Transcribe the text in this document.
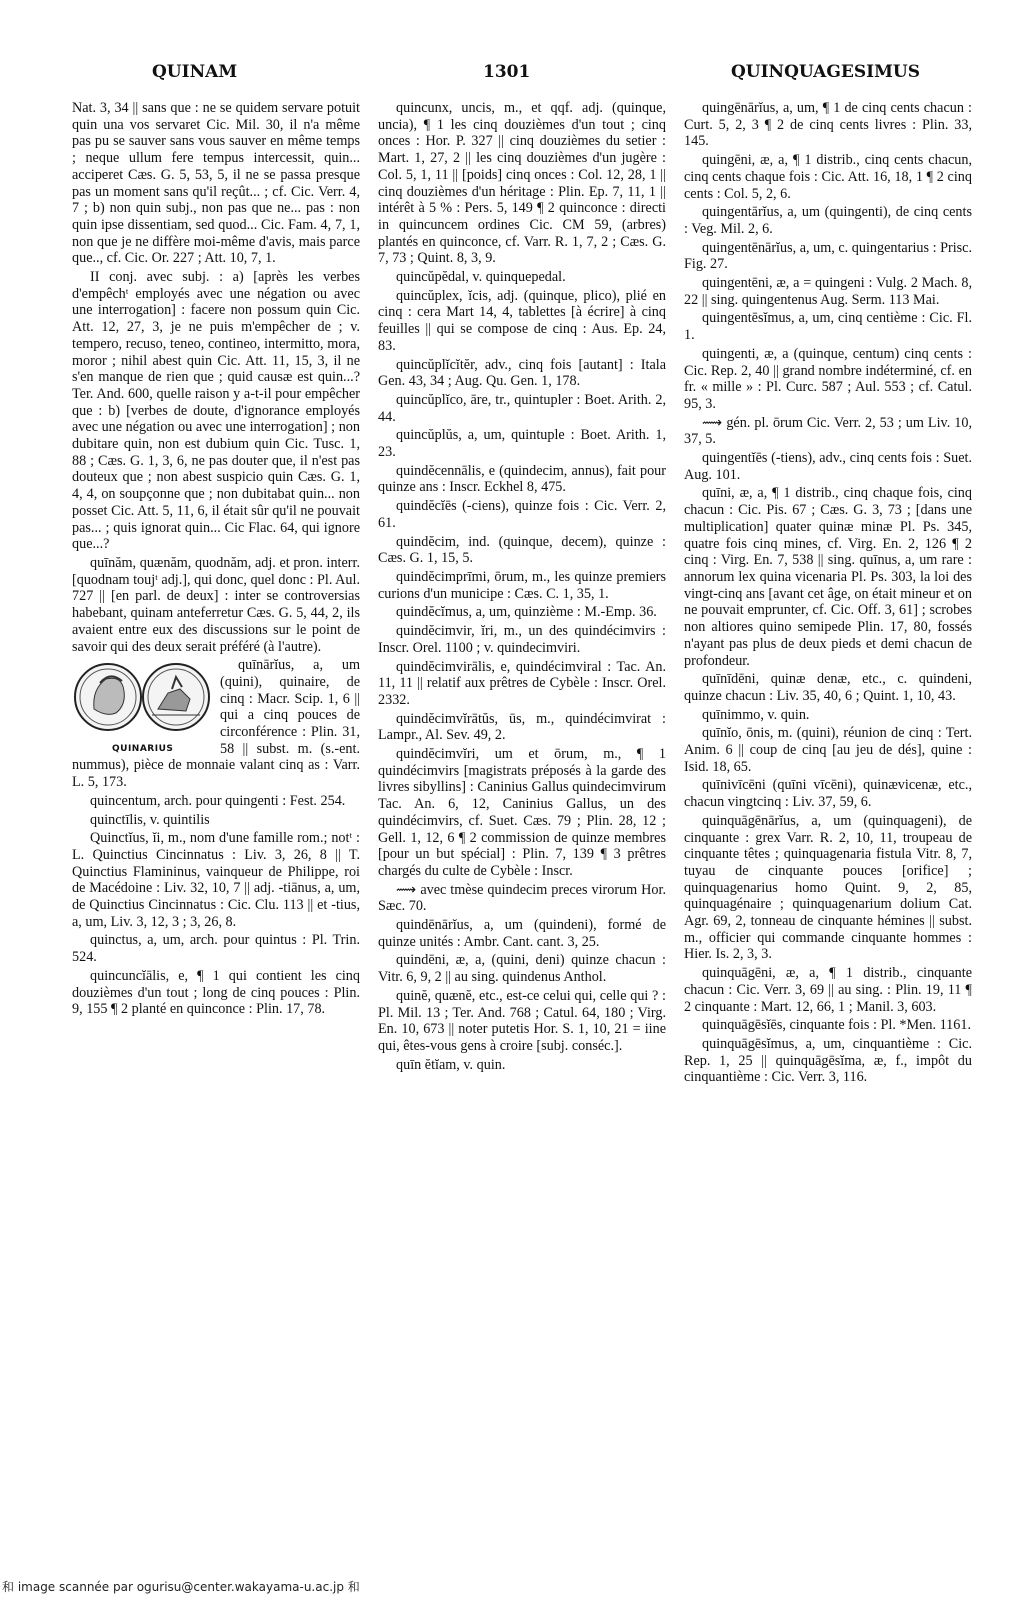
QUINAM	1301	QUINQUAGESIMUS

Nat. 3, 34 || sans que : ne se quidem servare potuit quin una vos servaret Cic. Mil. 30, il n'a même pas pu se sauver sans vous sauver en même temps ; neque ullum fere tempus intercessit, quin... acciperet Cæs. G. 5, 53, 5, il ne se passa presque pas un moment sans qu'il reçût... ; cf. Cic. Verr. 4, 7 ; b) non quin subj., non pas que ne... pas : non quin ipse dissentiam, sed quod... Cic. Fam. 4, 7, 1, non que je ne diffère moi-même d'avis, mais parce que.., cf. Cic. Or. 227 ; Att. 10, 7, 1.

II conj. avec subj. : a) [après les verbes d'empêchᵗ employés avec une négation ou avec une interrogation] : facere non possum quin Cic. Att. 12, 27, 3, je ne puis m'empêcher de ; v. tempero, recuso, teneo, contineo, intermitto, mora, moror ; nihil abest quin Cic. Att. 11, 15, 3, il ne s'en manque de rien que ; quid causæ est quin...? Ter. And. 600, quelle raison y a-t-il pour empêcher que : b) [verbes de doute, d'ignorance employés avec une négation ou avec une interrogation] ; non dubitare quin, non est dubium quin Cic. Tusc. 1, 88 ; Cæs. G. 1, 3, 6, ne pas douter que, il n'est pas douteux que ; non abest suspicio quin Cæs. G. 1, 4, 4, on soupçonne que ; non dubitabat quin... non posset Cic. Att. 5, 11, 6, il était sûr qu'il ne pouvait pas... ; quis ignorat quin... Cic Flac. 64, qui ignore que...?

quīnăm, quænăm, quodnăm, adj. et pron. interr. [quodnam toujᵗ adj.], qui donc, quel donc : Pl. Aul. 727 || [en parl. de deux] : inter se controversias habebant, quinam anteferretur Cæs. G. 5, 44, 2, ils avaient entre eux des discussions sur le point de savoir qui des deux serait préféré (à l'autre).

QUINARIUS

quīnārĭus, a, um (quini), quinaire, de cinq : Macr. Scip. 1, 6 || qui a cinq pouces de circonférence : Plin. 31, 58 || subst. m. (s.-ent. nummus), pièce de monnaie valant cinq as : Varr. L. 5, 173.

quincentum, arch. pour quingenti : Fest. 254.

quinctīlis, v. quintilis

Quinctĭus, ĭi, m., nom d'une famille rom.; notᵗ : L. Quinctius Cincinnatus : Liv. 3, 26, 8 || T. Quinctius Flamininus, vainqueur de Philippe, roi de Macédoine : Liv. 32, 10, 7 || adj. -tiānus, a, um, de Quinctius Cincinnatus : Cic. Clu. 113 || et -tius, a, um, Liv. 3, 12, 3 ; 3, 26, 8.

quinctus, a, um, arch. pour quintus : Pl. Trin. 524.

quincuncĭālis, e, ¶ 1 qui contient les cinq douzièmes d'un tout ; long de cinq pouces : Plin. 9, 155 ¶ 2 planté en quinconce : Plin. 17, 78.

quincunx, uncis, m., et qqf. adj. (quinque, uncia), ¶ 1 les cinq douzièmes d'un tout ; cinq onces : Hor. P. 327 || cinq douzièmes du setier : Mart. 1, 27, 2 || les cinq douzièmes d'un jugère : Col. 5, 1, 11 || [poids] cinq onces : Col. 12, 28, 1 || cinq douzièmes d'un héritage : Plin. Ep. 7, 11, 1 || intérêt à 5 % : Pers. 5, 149 ¶ 2 quinconce : directi in quincuncem ordines Cic. CM 59, (arbres) plantés en quinconce, cf. Varr. R. 1, 7, 2 ; Cæs. G. 7, 73 ; Quint. 8, 3, 9.

quincŭpĕdal, v. quinquepedal.

quincŭplex, ĭcis, adj. (quinque, plico), plié en cinq : cera Mart 14, 4, tablettes [à écrire] à cinq feuilles || qui se compose de cinq : Aus. Ep. 24, 83.

quincŭplĭcĭtĕr, adv., cinq fois [autant] : Itala Gen. 43, 34 ; Aug. Qu. Gen. 1, 178.

quincŭplĭco, āre, tr., quintupler : Boet. Arith. 2, 44.

quincŭplŭs, a, um, quintuple : Boet. Arith. 1, 23.

quindĕcennālis, e (quindecim, annus), fait pour quinze ans : Inscr. Eckhel 8, 475.

quindĕcĭēs (-ciens), quinze fois : Cic. Verr. 2, 61.

quindĕcim, ind. (quinque, decem), quinze : Cæs. G. 1, 15, 5.

quindĕcimprīmi, ōrum, m., les quinze premiers curions d'un municipe : Cæs. C. 1, 35, 1.

quindĕcĭmus, a, um, quinzième : M.-Emp. 36.

quindĕcimvir, ĭri, m., un des quindécimvirs : Inscr. Orel. 1100 ; v. quindecimviri.

quindĕcimvirālis, e, quindécimviral : Tac. An. 11, 11 || relatif aux prêtres de Cybèle : Inscr. Orel. 2332.

quindĕcimvĭrātŭs, ūs, m., quindécimvirat : Lampr., Al. Sev. 49, 2.

quindĕcimvĭri, um et ōrum, m., ¶ 1 quindécimvirs [magistrats préposés à la garde des livres sibyllins] : Caninius Gallus quindecimvirum Tac. An. 6, 12, Caninius Gallus, un des quindécimvirs, cf. Suet. Cæs. 79 ; Plin. 28, 12 ; Gell. 1, 12, 6 ¶ 2 commission de quinze membres [pour un but spécial] : Plin. 7, 139 ¶ 3 prêtres chargés du culte de Cybèle : Inscr.

⟿ avec tmèse quindecim preces virorum Hor. Sæc. 70.

quindēnārĭus, a, um (quindeni), formé de quinze unités : Ambr. Cant. cant. 3, 25.

quindēni, æ, a, (quini, deni) quinze chacun : Vitr. 6, 9, 2 || au sing. quindenus Anthol.

quinĕ, quænĕ, etc., est-ce celui qui, celle qui ? : Pl. Mil. 13 ; Ter. And. 768 ; Catul. 64, 180 ; Virg. En. 10, 673 || noter putetis Hor. S. 1, 10, 21 = iine qui, êtes-vous gens à croire [subj. conséc.].

quīn ĕtĭam, v. quin.

quingēnārĭus, a, um, ¶ 1 de cinq cents chacun : Curt. 5, 2, 3 ¶ 2 de cinq cents livres : Plin. 33, 145.

quingēni, æ, a, ¶ 1 distrib., cinq cents chacun, cinq cents chaque fois : Cic. Att. 16, 18, 1 ¶ 2 cinq cents : Col. 5, 2, 6.

quingentārĭus, a, um (quingenti), de cinq cents : Veg. Mil. 2, 6.

quingentēnārĭus, a, um, c. quingentarius : Prisc. Fig. 27.

quingentēni, æ, a = quingeni : Vulg. 2 Mach. 8, 22 || sing. quingentenus Aug. Serm. 113 Mai.

quingentēsĭmus, a, um, cinq centième : Cic. Fl. 1.

quingenti, æ, a (quinque, centum) cinq cents : Cic. Rep. 2, 40 || grand nombre indéterminé, cf. en fr. « mille » : Pl. Curc. 587 ; Aul. 553 ; cf. Catul. 95, 3.

⟿ gén. pl. ōrum Cic. Verr. 2, 53 ; um Liv. 10, 37, 5.

quingentĭēs (-tiens), adv., cinq cents fois : Suet. Aug. 101.

quīni, æ, a, ¶ 1 distrib., cinq chaque fois, cinq chacun : Cic. Pis. 67 ; Cæs. G. 3, 73 ; [dans une multiplication] quater quinæ minæ Pl. Ps. 345, quatre fois cinq mines, cf. Virg. En. 2, 126 ¶ 2 cinq : Virg. En. 7, 538 || sing. quīnus, a, um rare : annorum lex quina vicenaria Pl. Ps. 303, la loi des vingt-cinq ans [avant cet âge, on était mineur et on ne pouvait emprunter, cf. Cic. Off. 3, 61] ; scrobes non altiores quino semipede Plin. 17, 80, fossés n'ayant pas plus de deux pieds et demi chacun de profondeur.

quīnīdēni, quinæ denæ, etc., c. quindeni, quinze chacun : Liv. 35, 40, 6 ; Quint. 1, 10, 43.

quīnimmo, v. quin.

quīnĭo, ōnis, m. (quini), réunion de cinq : Tert. Anim. 6 || coup de cinq [au jeu de dés], quine : Isid. 18, 65.

quīnivīcēni (quīni vīcēni), quinævicenæ, etc., chacun vingtcinq : Liv. 37, 59, 6.

quinquāgēnārĭus, a, um (quinquageni), de cinquante : grex Varr. R. 2, 10, 11, troupeau de cinquante têtes ; quinquagenaria fistula Vitr. 8, 7, tuyau de cinquante pouces [orifice] ; quinquagenarius homo Quint. 9, 2, 85, quinquagénaire ; quinquagenarium dolium Cat. Agr. 69, 2, tonneau de cinquante hémines || subst. m., officier qui commande cinquante hommes : Hier. Is. 2, 3, 3.

quinquāgēni, æ, a, ¶ 1 distrib., cinquante chacun : Cic. Verr. 3, 69 || au sing. : Plin. 19, 11 ¶ 2 cinquante : Mart. 12, 66, 1 ; Manil. 3, 603.

quinquāgēsĭēs, cinquante fois : Pl. *Men. 1161.

quinquāgēsĭmus, a, um, cinquantième : Cic. Rep. 1, 25 || quinquāgēsĭma, æ, f., impôt du cinquantième : Cic. Verr. 3, 116.

和 image scannée par ogurisu@center.wakayama-u.ac.jp 和
